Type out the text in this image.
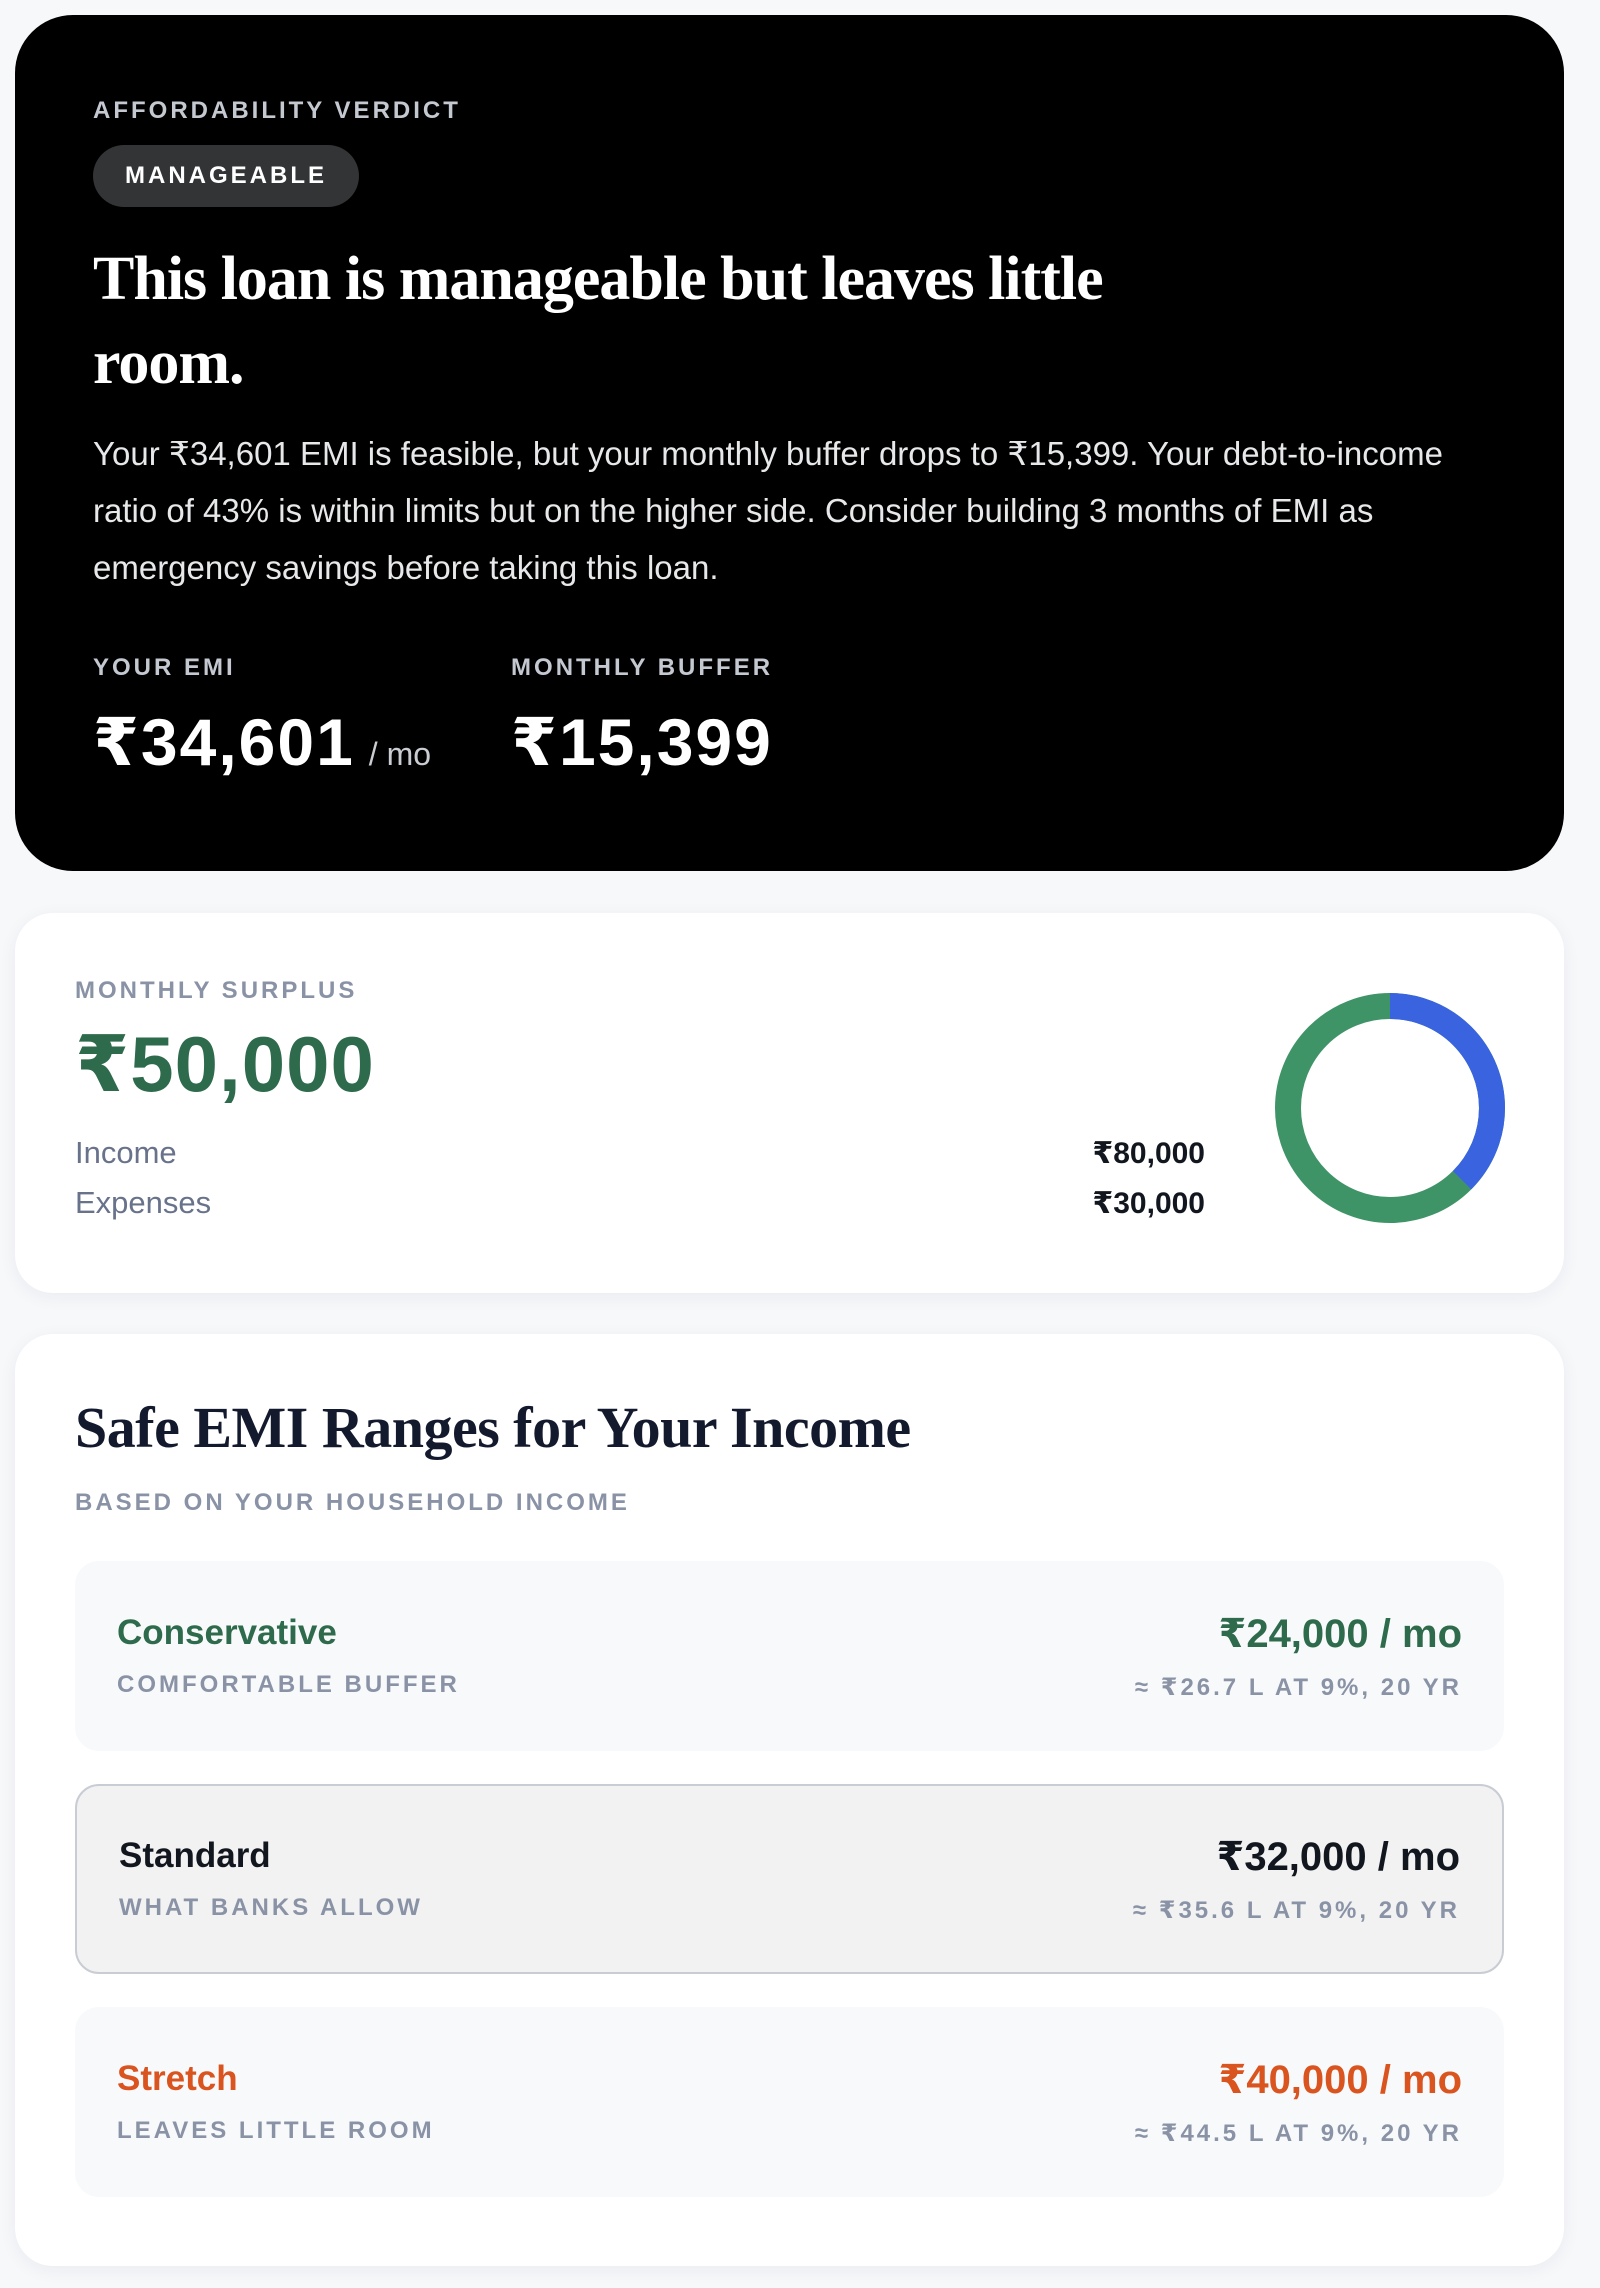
AFFORDABILITY VERDICT
MANAGEABLE
This loan is manageable but leaves little room.

Your ₹34,601 EMI is feasible, but your monthly buffer drops to ₹15,399. Your debt-to-income ratio of 43% is within limits but on the higher side. Consider building 3 months of EMI as emergency savings before taking this loan.

YOUR EMI
₹34,601 / mo
MONTHLY BUFFER
₹15,399
MONTHLY SURPLUS
₹50,000
Income	₹80,000
Expenses	₹30,000
Safe EMI Ranges for Your Income
BASED ON YOUR HOUSEHOLD INCOME
Conservative
COMFORTABLE BUFFER
₹24,000 / mo
≈ ₹26.7 L AT 9%, 20 YR
Standard
WHAT BANKS ALLOW
₹32,000 / mo
≈ ₹35.6 L AT 9%, 20 YR
Stretch
LEAVES LITTLE ROOM
₹40,000 / mo
≈ ₹44.5 L AT 9%, 20 YR
